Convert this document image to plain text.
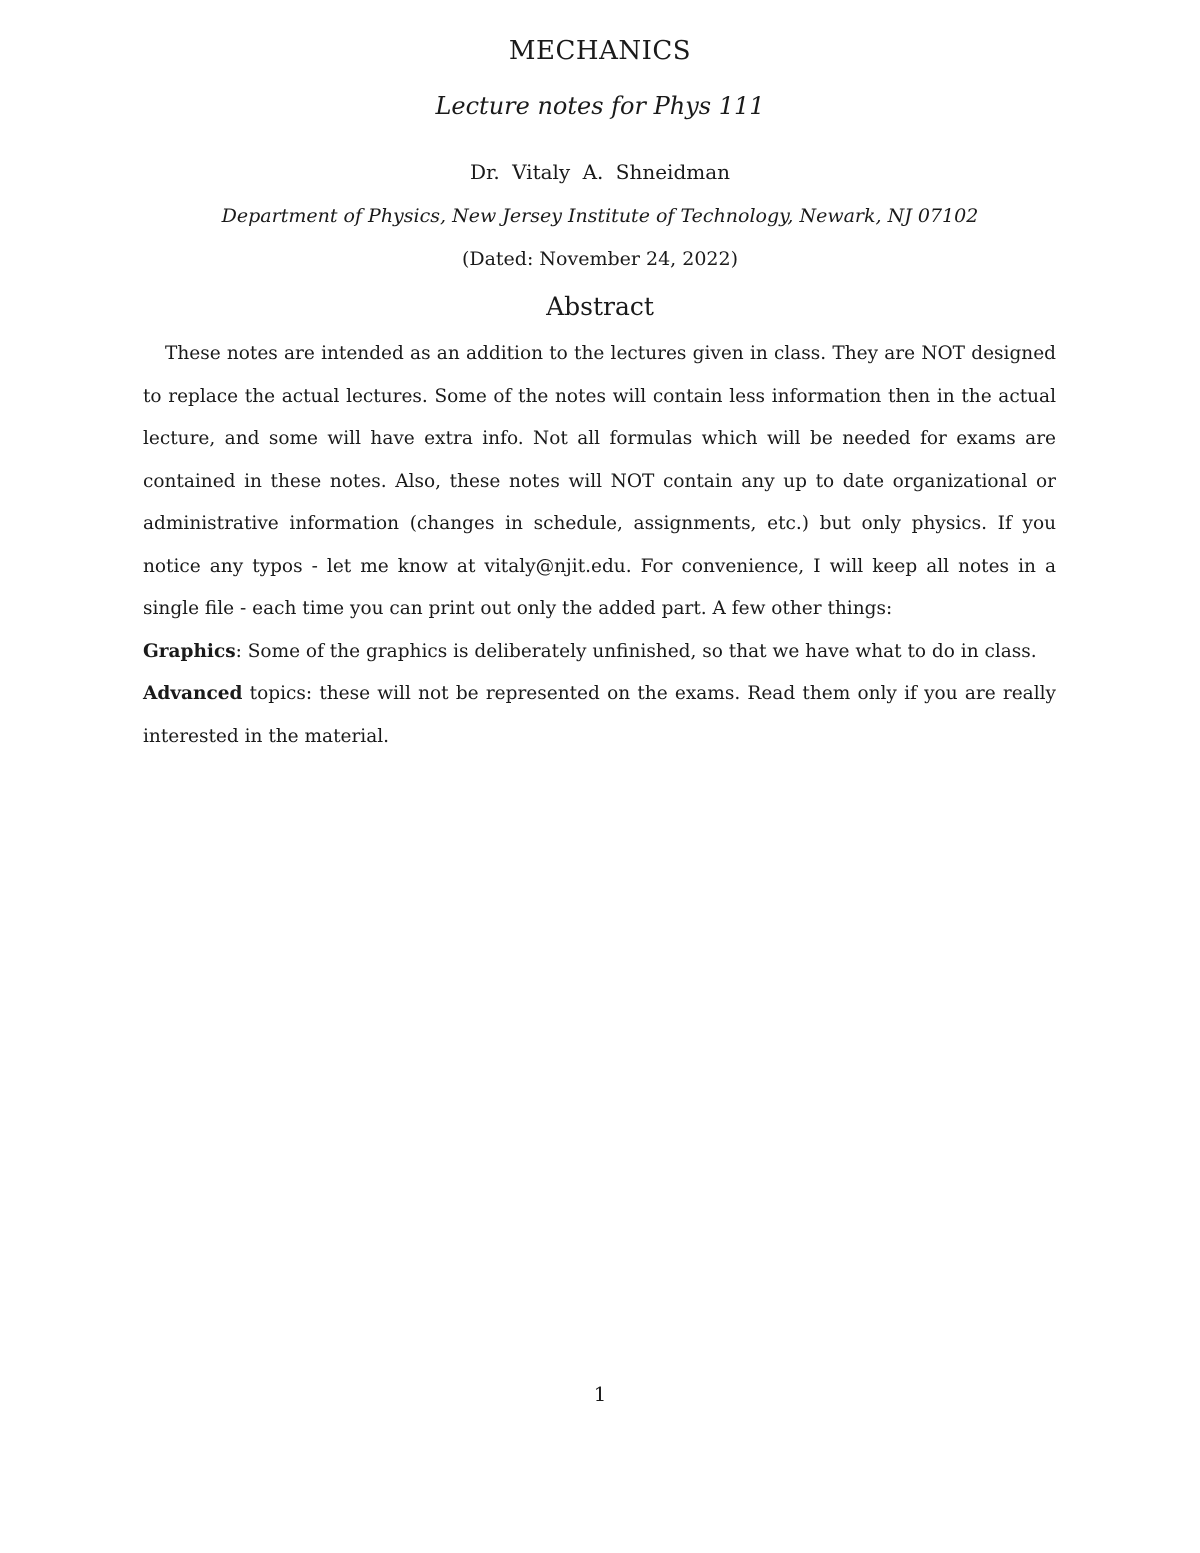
MECHANICS
Lecture notes for Phys 111
Dr. Vitaly A. Shneidman
Department of Physics, New Jersey Institute of Technology, Newark, NJ 07102
(Dated: November 24, 2022)
Abstract

These notes are intended as an addition to the lectures given in class. They are NOT designed to replace the actual lectures. Some of the notes will contain less information then in the actual lecture, and some will have extra info. Not all formulas which will be needed for exams are contained in these notes. Also, these notes will NOT contain any up to date organizational or administrative information (changes in schedule, assignments, etc.) but only physics. If you notice any typos - let me know at vitaly@njit.edu. For convenience, I will keep all notes in a single file - each time you can print out only the added part. A few other things:

Graphics: Some of the graphics is deliberately unfinished, so that we have what to do in class.

Advanced topics: these will not be represented on the exams. Read them only if you are really interested in the material.

1
